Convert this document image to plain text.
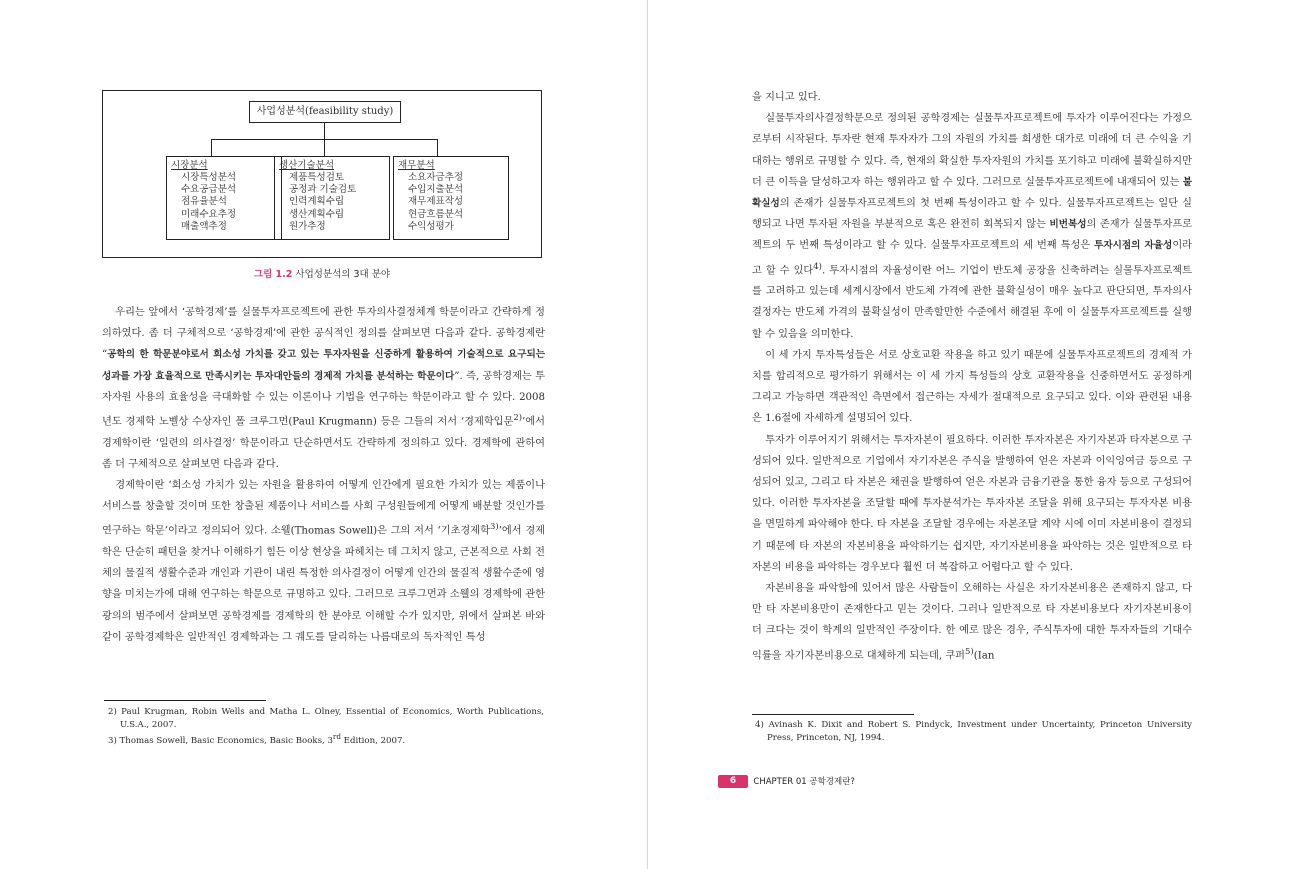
사업성분석(feasibility study)
시장분석
시장특성분석
수요공급분석
점유율분석
미래수요추정
매출액추정
생산기술분석
제품특성검토
공정과 기술검토
인력계획수립
생산계획수립
원가추정
재무분석
소요자금추정
수입지출분석
재무제표작성
현금흐름분석
수익성평가
그림 1.2 사업성분석의 3대 분야

우리는 앞에서 ‘공학경제’를 실물투자프로젝트에 관한 투자의사결정체계 학문이라고 간략하게 정의하였다. 좀 더 구체적으로 ‘공학경제’에 관한 공식적인 정의를 살펴보면 다음과 같다. 공학경제란 “공학의 한 학문분야로서 희소성 가치를 갖고 있는 투자자원을 신중하게 활용하여 기술적으로 요구되는 성과를 가장 효율적으로 만족시키는 투자대안들의 경제적 가치를 분석하는 학문이다”. 즉, 공학경제는 투자자원 사용의 효율성을 극대화할 수 있는 이론이나 기법을 연구하는 학문이라고 할 수 있다. 2008년도 경제학 노벨상 수상자인 폴 크루그먼(Paul Krugmann) 등은 그들의 저서 ‘경제학입문$^{2)}$’에서 경제학이란 ‘일련의 의사결정’ 학문이라고 단순하면서도 간략하게 정의하고 있다. 경제학에 관하여 좀 더 구체적으로 살펴보면 다음과 같다.

경제학이란 ‘희소성 가치가 있는 자원을 활용하여 어떻게 인간에게 필요한 가치가 있는 제품이나 서비스를 창출할 것이며 또한 창출된 제품이나 서비스를 사회 구성원들에게 어떻게 배분할 것인가를 연구하는 학문’이라고 정의되어 있다. 소웰(Thomas Sowell)은 그의 저서 ‘기초경제학$^{3)}$’에서 경제학은 단순히 패턴을 찾거나 이해하기 힘든 이상 현상을 파헤치는 데 그치지 않고, 근본적으로 사회 전체의 물질적 생활수준과 개인과 기관이 내린 특정한 의사결정이 어떻게 인간의 물질적 생활수준에 영향을 미치는가에 대해 연구하는 학문으로 규명하고 있다. 그러므로 크루그먼과 소웰의 경제학에 관한 광의의 범주에서 살펴보면 공학경제를 경제학의 한 분야로 이해할 수가 있지만, 위에서 살펴본 바와 같이 공학경제학은 일반적인 경제학과는 그 궤도를 달리하는 나름대로의 독자적인 특성

2) Paul Krugman, Robin Wells and Matha L. Olney, Essential of Economics, Worth Publications, U.S.A., 2007.

3) Thomas Sowell, Basic Economics, Basic Books, 3rd Edition, 2007.

을 지니고 있다.

실물투자의사결정학문으로 정의된 공학경제는 실물투자프로젝트에 투자가 이루어진다는 가정으로부터 시작된다. 투자란 현재 투자자가 그의 자원의 가치를 희생한 대가로 미래에 더 큰 수익을 기대하는 행위로 규명할 수 있다. 즉, 현재의 확실한 투자자원의 가치를 포기하고 미래에 불확실하지만 더 큰 이득을 달성하고자 하는 행위라고 할 수 있다. 그러므로 실물투자프로젝트에 내재되어 있는 불확실성의 존재가 실물투자프로젝트의 첫 번째 특성이라고 할 수 있다. 실물투자프로젝트는 일단 실행되고 나면 투자된 자원을 부분적으로 혹은 완전히 회복되지 않는 비번복성의 존재가 실물투자프로젝트의 두 번째 특성이라고 할 수 있다. 실물투자프로젝트의 세 번째 특성은 투자시점의 자율성이라고 할 수 있다$^{4)}$. 투자시점의 자율성이란 어느 기업이 반도체 공장을 신축하려는 실물투자프로젝트를 고려하고 있는데 세계시장에서 반도체 가격에 관한 불확실성이 매우 높다고 판단되면, 투자의사결정자는 반도체 가격의 불확실성이 만족할만한 수준에서 해결된 후에 이 실물투자프로젝트를 실행할 수 있음을 의미한다.

이 세 가지 투자특성들은 서로 상호교환 작용을 하고 있기 때문에 실물투자프로젝트의 경제적 가치를 합리적으로 평가하기 위해서는 이 세 가지 특성들의 상호 교환작용을 신중하면서도 공정하게 그리고 가능하면 객관적인 측면에서 접근하는 자세가 절대적으로 요구되고 있다. 이와 관련된 내용은 1.6절에 자세하게 설명되어 있다.

투자가 이루어지기 위해서는 투자자본이 필요하다. 이러한 투자자본은 자기자본과 타자본으로 구성되어 있다. 일반적으로 기업에서 자기자본은 주식을 발행하여 얻은 자본과 이익잉여금 등으로 구성되어 있고, 그리고 타 자본은 채권을 발행하여 얻은 자본과 금융기관을 통한 융자 등으로 구성되어 있다. 이러한 투자자본을 조달할 때에 투자분석가는 투자자본 조달을 위해 요구되는 투자자본 비용을 면밀하게 파악해야 한다. 타 자본을 조달할 경우에는 자본조달 계약 시에 이미 자본비용이 결정되기 때문에 타 자본의 자본비용을 파악하기는 쉽지만, 자기자본비용을 파악하는 것은 일반적으로 타 자본의 비용을 파악하는 경우보다 훨씬 더 복잡하고 어렵다고 할 수 있다.

자본비용을 파악함에 있어서 많은 사람들이 오해하는 사실은 자기자본비용은 존재하지 않고, 다만 타 자본비용만이 존재한다고 믿는 것이다. 그러나 일반적으로 타 자본비용보다 자기자본비용이 더 크다는 것이 학계의 일반적인 주장이다. 한 예로 많은 경우, 주식투자에 대한 투자자들의 기대수익률을 자기자본비용으로 대체하게 되는데, 쿠퍼$^{5)}$(Ian

4) Avinash K. Dixit and Robert S. Pindyck, Investment under Uncertainty, Princeton University Press, Princeton, NJ, 1994.

6 CHAPTER 01 공학경제란?
